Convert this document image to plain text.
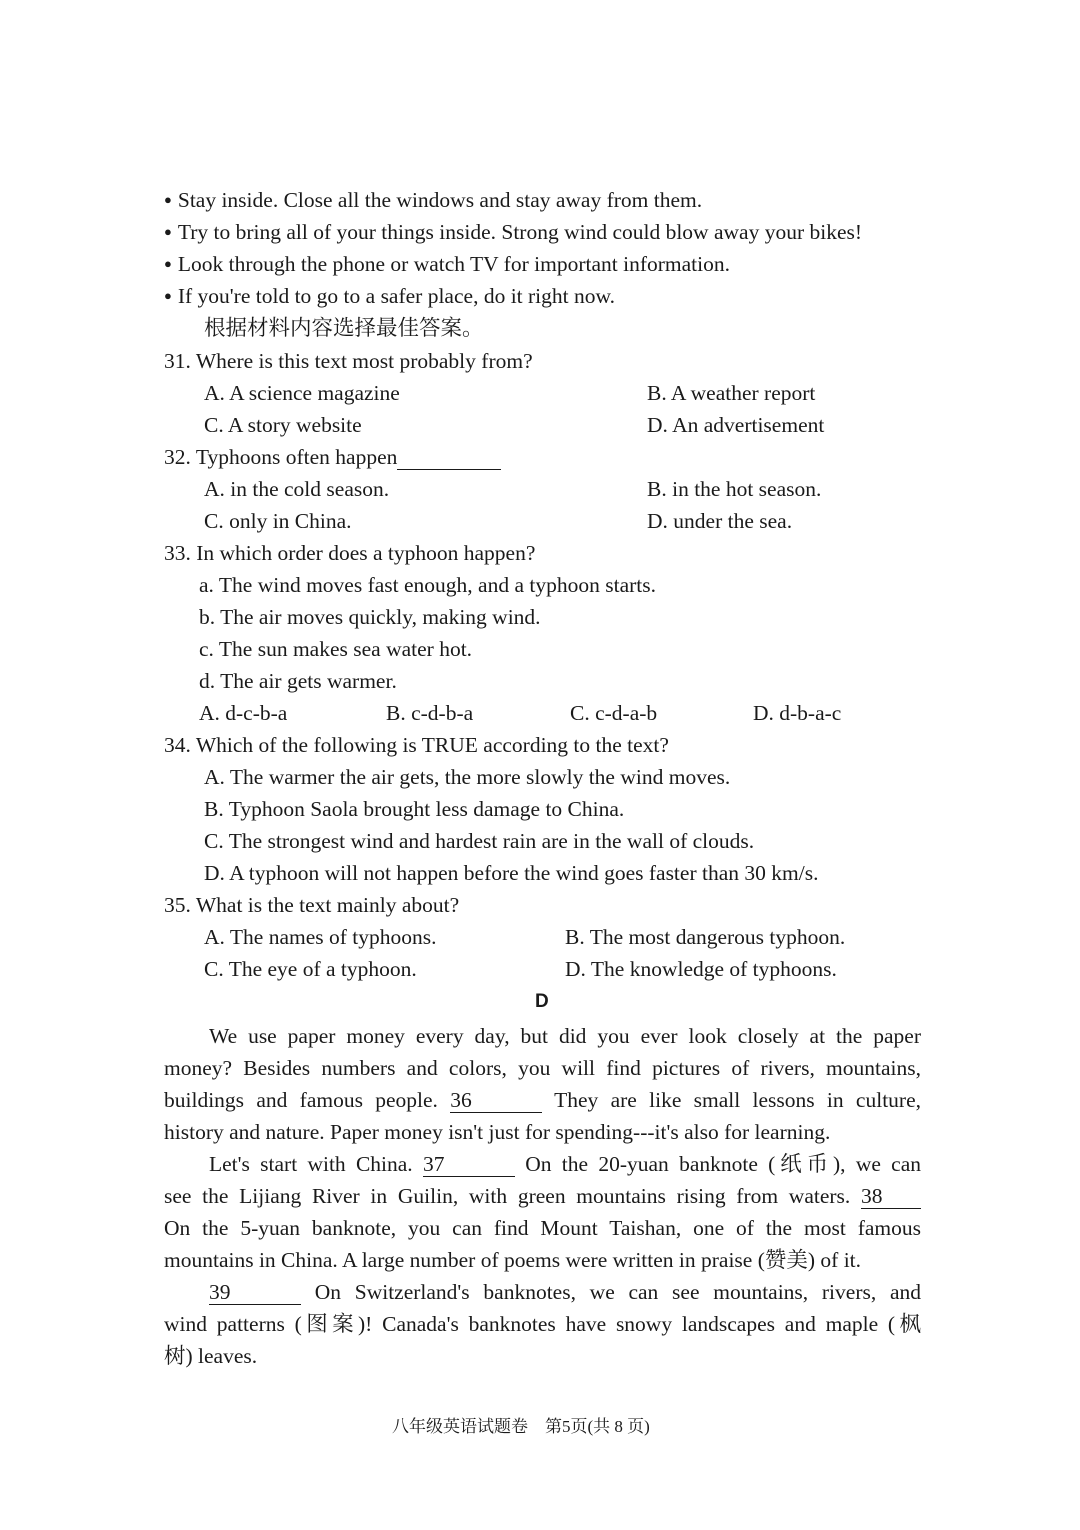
● Stay inside. Close all the windows and stay away from them.
● Try to bring all of your things inside. Strong wind could blow away your bikes!
● Look through the phone or watch TV for important information.
● If you're told to go to a safer place, do it right now.
根据材料内容选择最佳答案。
31. Where is this text most probably from?
A. A science magazine	B. A weather report
C. A story website	D. An advertisement
32. Typhoons often happen
A. in the cold season.	B. in the hot season.
C. only in China.	D. under the sea.
33. In which order does a typhoon happen?
a. The wind moves fast enough, and a typhoon starts.
b. The air moves quickly, making wind.
c. The sun makes sea water hot.
d. The air gets warmer.
A. d-c-b-a	B. c-d-b-a	C. c-d-a-b	D. d-b-a-c
34. Which of the following is TRUE according to the text?
A. The warmer the air gets, the more slowly the wind moves.
B. Typhoon Saola brought less damage to China.
C. The strongest wind and hardest rain are in the wall of clouds.
D. A typhoon will not happen before the wind goes faster than 30 km/s.
35. What is the text mainly about?
A. The names of typhoons.	B. The most dangerous typhoon.
C. The eye of a typhoon.	D. The knowledge of typhoons.
D
We use paper money every day, but did you ever look closely at the paper
money? Besides numbers and colors, you will find pictures of rivers, mountains,
buildings and famous people. 36	They are like small lessons in culture,
history and nature. Paper money isn't just for spending---it's also for learning.
Let's start with China. 37	On the 20-yuan banknote (纸币), we can
see the Lijiang River in Guilin, with green mountains rising from waters. 38
On the 5-yuan banknote, you can find Mount Taishan, one of the most famous
mountains in China. A large number of poems were written in praise (赞美) of it.
39	On Switzerland's banknotes, we can see mountains, rivers, and
wind patterns (图案)! Canada's banknotes have snowy landscapes and maple (枫
树) leaves.
八年级英语试题卷　第5页(共 8 页)
